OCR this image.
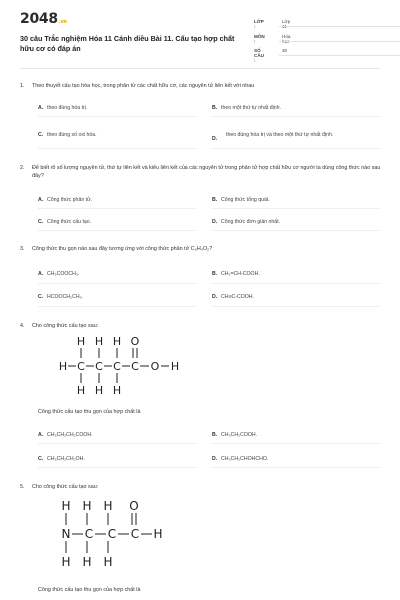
2048.vn
30 câu Trắc nghiệm Hóa 11 Cánh diều Bài 11. Cấu tạo hợp chất hữu cơ có đáp án
LỚP :
Lớp 11
MÔN :
Hóa học
SỐ CÂU :
30
1. Theo thuyết cấu tạo hóa học, trong phân tử các chất hữu cơ, các nguyên tử liên kết với nhau
A. theo đúng hóa trị.	B. theo một thứ tự nhất định.
C. theo đúng số oxi hóa.
D.
theo đúng hóa trị và theo một thứ tự nhất định.
2. Để biết rõ số lượng nguyên tử, thứ tự liên kết và kiểu liên kết của các nguyên tử trong phân tử hợp chất hữu cơ người ta dùng công thức nào sau đây?
A. Công thức phân tử.	B. Công thức tổng quát.
C. Công thức cấu tạo.	D. Công thức đơn giản nhất.
3. Công thức thu gọn nào sau đây tương ứng với công thức phân tử C₃H₄O₂?
A. CH₃COOCH₃.	B. CH₂=CH-COOH.
C. HCOOCH₂CH₃.	D. CH≡C-COOH.
4. Cho công thức cấu tạo sau:
H H H O
H C C C C O H
H H H
Công thức cấu tạo thu gọn của hợp chất là
A. CH₃CH₂CH₂COOH.	B. CH₃CH₂COOH.
C. CH₃CH₂CH₂OH.	D. CH₃CH₂CHOHCHO.
5. Cho công thức cấu tạo sau:
H H H O
N C C C H
H H H
Công thức cấu tạo thu gọn của hợp chất là
